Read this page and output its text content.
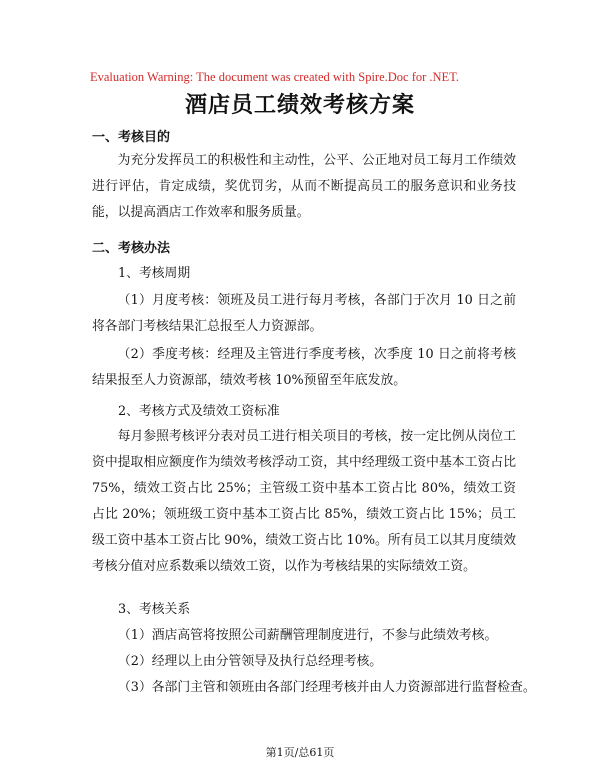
Evaluation Warning: The document was created with Spire.Doc for .NET.
酒店员工绩效考核方案
一、考核目的
为充分发挥员工的积极性和主动性，公平、公正地对员工每月工作绩效进行评估，肯定成绩，奖优罚劣，从而不断提高员工的服务意识和业务技能，以提高酒店工作效率和服务质量。
二、考核办法
1、考核周期
（1）月度考核：领班及员工进行每月考核，各部门于次月 10 日之前将各部门考核结果汇总报至人力资源部。
（2）季度考核：经理及主管进行季度考核，次季度 10 日之前将考核结果报至人力资源部，绩效考核 10%预留至年底发放。
2、考核方式及绩效工资标准
每月参照考核评分表对员工进行相关项目的考核，按一定比例从岗位工资中提取相应额度作为绩效考核浮动工资，其中经理级工资中基本工资占比 75%，绩效工资占比 25%；主管级工资中基本工资占比 80%，绩效工资占比 20%；领班级工资中基本工资占比 85%，绩效工资占比 15%；员工级工资中基本工资占比 90%，绩效工资占比 10%。所有员工以其月度绩效考核分值对应系数乘以绩效工资，以作为考核结果的实际绩效工资。
3、考核关系
（1）酒店高管将按照公司薪酬管理制度进行，不参与此绩效考核。
（2）经理以上由分管领导及执行总经理考核。
（3）各部门主管和领班由各部门经理考核并由人力资源部进行监督检查。
第1页/总61页
